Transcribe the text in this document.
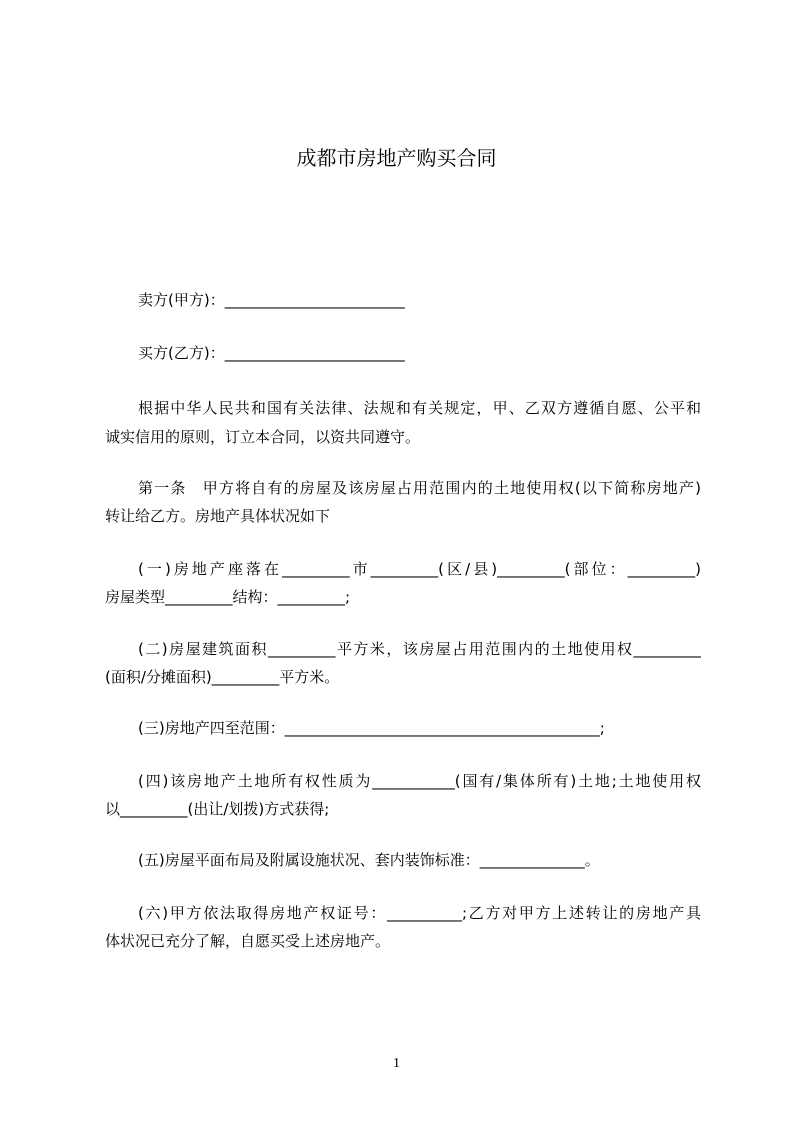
成都市房地产购买合同
卖方(甲方)：________________________
买方(乙方)：________________________
根据中华人民共和国有关法律、法规和有关规定，甲、乙双方遵循自愿、公平和
诚实信用的原则，订立本合同，以资共同遵守。
第一条　甲方将自有的房屋及该房屋占用范围内的土地使用权(以下简称房地产)
转让给乙方。房地产具体状况如下
(一)房地产座落在_________市_________(区/县)_________(部位：_________)
房屋类型_________结构：_________;
(二)房屋建筑面积_________平方米，该房屋占用范围内的土地使用权_________
(面积/分摊面积)_________平方米。
(三)房地产四至范围：__________________________________________;
(四)该房地产土地所有权性质为___________(国有/集体所有)土地;土地使用权
以_________(出让/划拨)方式获得;
(五)房屋平面布局及附属设施状况、套内装饰标准：______________。
(六)甲方依法取得房地产权证号：__________;乙方对甲方上述转让的房地产具
体状况已充分了解，自愿买受上述房地产。
1
